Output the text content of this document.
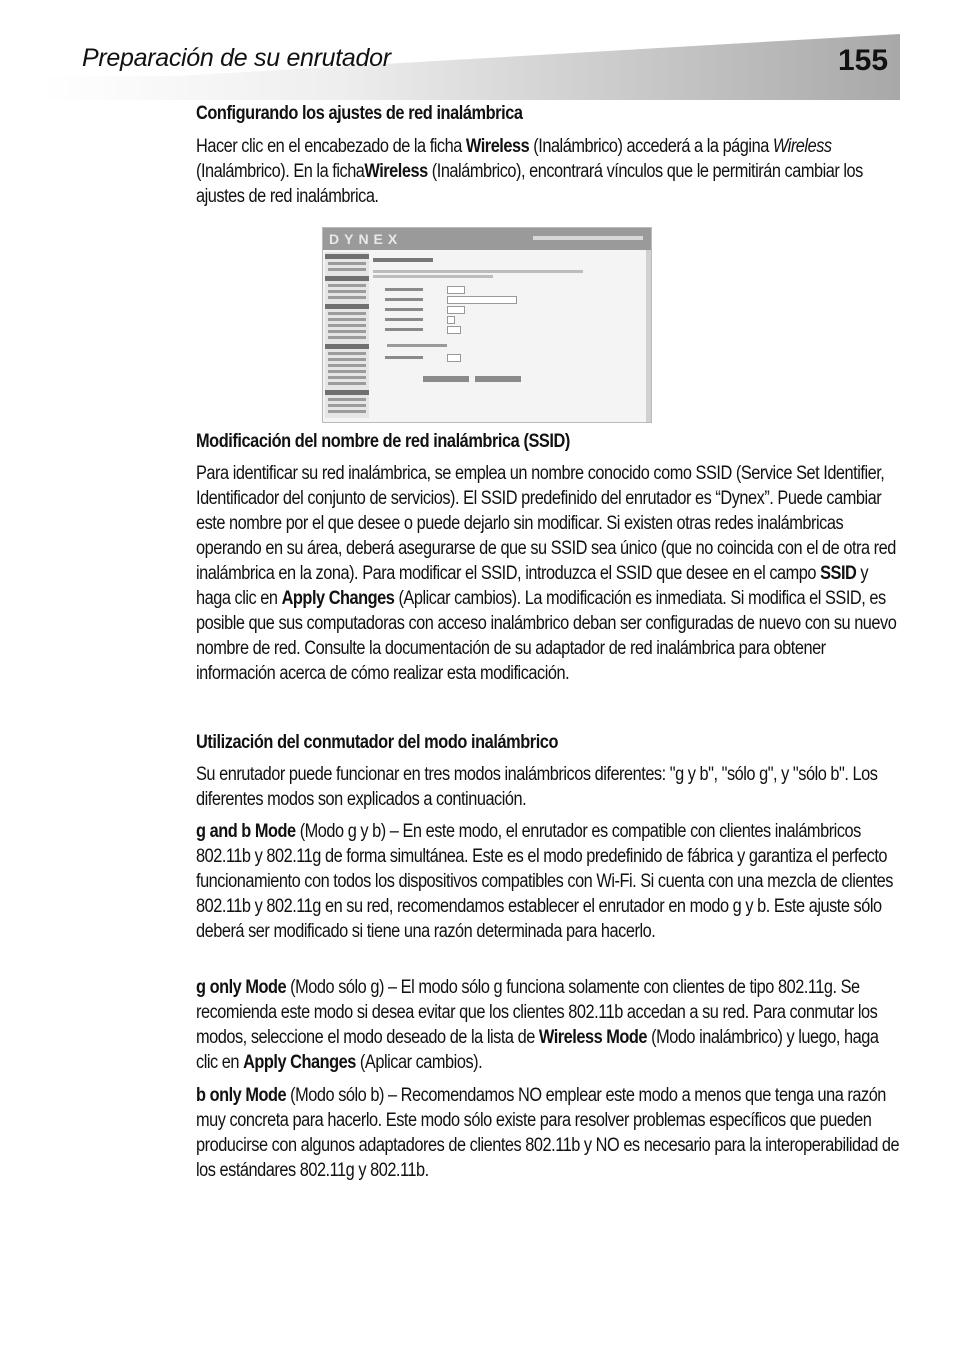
Preparación de su enrutador	155
Configurando los ajustes de red inalámbrica

Hacer clic en el encabezado de la ficha Wireless (Inalámbrico) accederá a la página Wireless (Inalámbrico). En la fichaWireless (Inalámbrico), encontrará vínculos que le permitirán cambiar los ajustes de red inalámbrica.

DYNEX
Modificación del nombre de red inalámbrica (SSID)

Para identificar su red inalámbrica, se emplea un nombre conocido como SSID (Service Set Identifier, Identificador del conjunto de servicios). El SSID predefinido del enrutador es “Dynex”. Puede cambiar este nombre por el que desee o puede dejarlo sin modificar. Si existen otras redes inalámbricas operando en su área, deberá asegurarse de que su SSID sea único (que no coincida con el de otra red inalámbrica en la zona). Para modificar el SSID, introduzca el SSID que desee en el campo SSID y haga clic en Apply Changes (Aplicar cambios). La modificación es inmediata. Si modifica el SSID, es posible que sus computadoras con acceso inalámbrico deban ser configuradas de nuevo con su nuevo nombre de red. Consulte la documentación de su adaptador de red inalámbrica para obtener información acerca de cómo realizar esta modificación.

Utilización del conmutador del modo inalámbrico

Su enrutador puede funcionar en tres modos inalámbricos diferentes: "g y b", "sólo g", y "sólo b". Los diferentes modos son explicados a continuación.

g and b Mode (Modo g y b) – En este modo, el enrutador es compatible con clientes inalámbricos 802.11b y 802.11g de forma simultánea. Este es el modo predefinido de fábrica y garantiza el perfecto funcionamiento con todos los dispositivos compatibles con Wi-Fi. Si cuenta con una mezcla de clientes 802.11b y 802.11g en su red, recomendamos establecer el enrutador en modo g y b. Este ajuste sólo deberá ser modificado si tiene una razón determinada para hacerlo.

g only Mode (Modo sólo g) – El modo sólo g funciona solamente con clientes de tipo 802.11g. Se recomienda este modo si desea evitar que los clientes 802.11b accedan a su red. Para conmutar los modos, seleccione el modo deseado de la lista de Wireless Mode (Modo inalámbrico) y luego, haga clic en Apply Changes (Aplicar cambios).

b only Mode (Modo sólo b) – Recomendamos NO emplear este modo a menos que tenga una razón muy concreta para hacerlo. Este modo sólo existe para resolver problemas específicos que pueden producirse con algunos adaptadores de clientes 802.11b y NO es necesario para la interoperabilidad de los estándares 802.11g y 802.11b.
